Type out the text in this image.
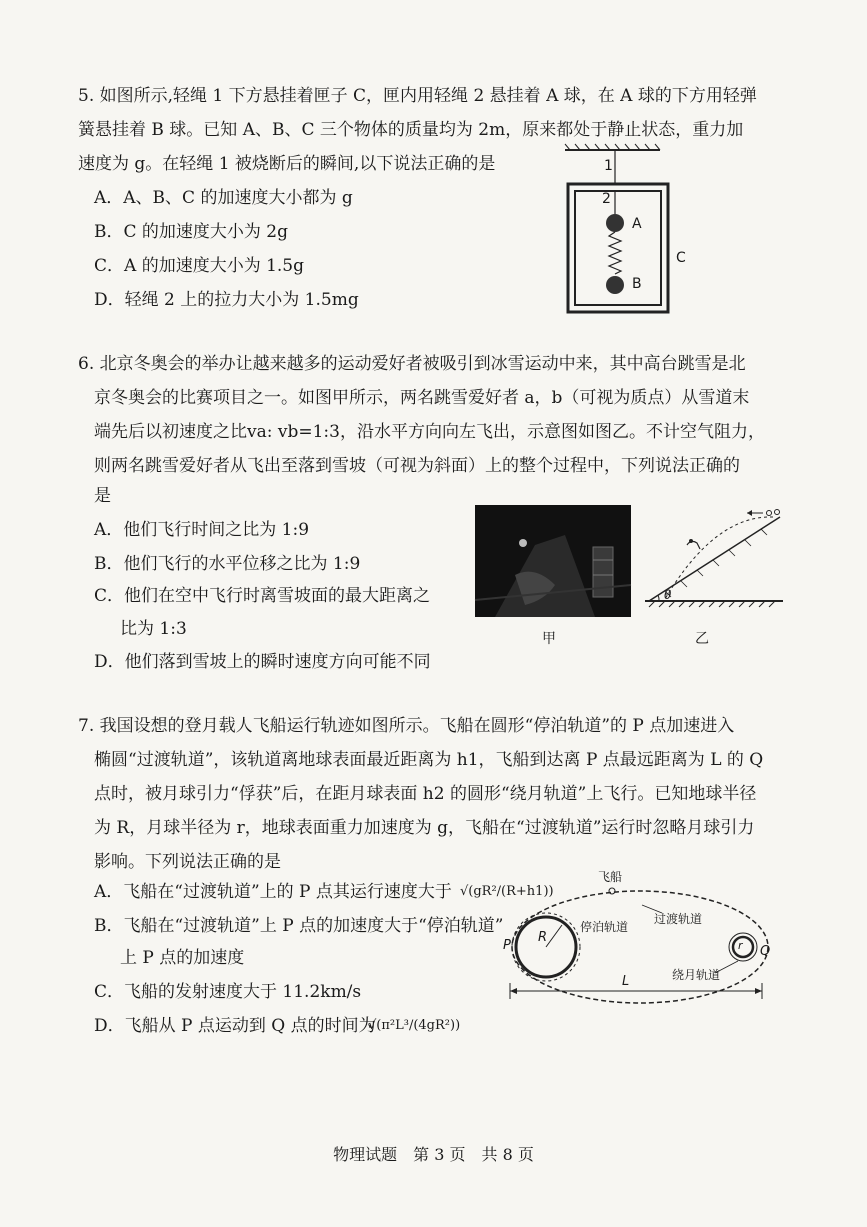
5. 如图所示,轻绳 1 下方悬挂着匣子 C，匣内用轻绳 2 悬挂着 A 球，在 A 球的下方用轻弹
簧悬挂着 B 球。已知 A、B、C 三个物体的质量均为 2m，原来都处于静止状态，重力加
速度为 g。在轻绳 1 被烧断后的瞬间,以下说法正确的是
A．A、B、C 的加速度大小都为 g
B．C 的加速度大小为 2g
C．A 的加速度大小为 1.5g
D．轻绳 2 上的拉力大小为 1.5mg
1
2
A
B
C
6. 北京冬奥会的举办让越来越多的运动爱好者被吸引到冰雪运动中来，其中高台跳雪是北
京冬奥会的比赛项目之一。如图甲所示，两名跳雪爱好者 a，b（可视为质点）从雪道末
端先后以初速度之比va: vb=1:3，沿水平方向向左飞出，示意图如图乙。不计空气阻力，
则两名跳雪爱好者从飞出至落到雪坡（可视为斜面）上的整个过程中，下列说法正确的
是
A．他们飞行时间之比为 1:9
B．他们飞行的水平位移之比为 1:9
C．他们在空中飞行时离雪坡面的最大距离之
比为 1:3
D．他们落到雪坡上的瞬时速度方向可能不同
甲
θ
乙
7. 我国设想的登月载人飞船运行轨迹如图所示。飞船在圆形“停泊轨道”的 P 点加速进入
椭圆“过渡轨道”，该轨道离地球表面最近距离为 h1，飞船到达离 P 点最远距离为 L 的 Q
点时，被月球引力“俘获”后，在距月球表面 h2 的圆形“绕月轨道”上飞行。已知地球半径
为 R，月球半径为 r，地球表面重力加速度为 g，飞船在“过渡轨道”运行时忽略月球引力
影响。下列说法正确的是
A．飞船在“过渡轨道”上的 P 点其运行速度大于 √(gR²/(R+h1))
B．飞船在“过渡轨道”上 P 点的加速度大于“停泊轨道”
上 P 点的加速度
C．飞船的发射速度大于 11.2km/s
D．飞船从 P 点运动到 Q 点的时间为
√(π²L³/(4gR²))
飞船
停泊轨道
过渡轨道
绕月轨道
P	Q
R
r
L
物理试题　第 3 页　共 8 页
